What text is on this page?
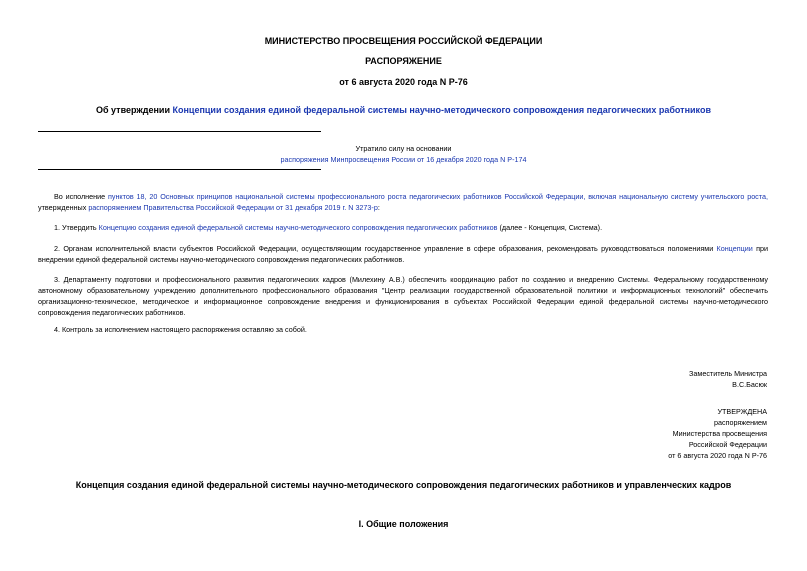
МИНИСТЕРСТВО ПРОСВЕЩЕНИЯ РОССИЙСКОЙ ФЕДЕРАЦИИ
РАСПОРЯЖЕНИЕ
от 6 августа 2020 года N Р-76
Об утверждении Концепции создания единой федеральной системы научно-методического сопровождения педагогических работников
Утратило силу на основании
распоряжения Минпросвещения России от 16 декабря 2020 года N Р-174
Во исполнение пунктов 18, 20 Основных принципов национальной системы профессионального роста педагогических работников Российской Федерации, включая национальную систему учительского роста, утвержденных распоряжением Правительства Российской Федерации от 31 декабря 2019 г. N 3273-р:
1. Утвердить Концепцию создания единой федеральной системы научно-методического сопровождения педагогических работников (далее - Концепция, Система).
2. Органам исполнительной власти субъектов Российской Федерации, осуществляющим государственное управление в сфере образования, рекомендовать руководствоваться положениями Концепции при внедрении единой федеральной системы научно-методического сопровождения педагогических работников.
3. Департаменту подготовки и профессионального развития педагогических кадров (Милехину А.В.) обеспечить координацию работ по созданию и внедрению Системы. Федеральному государственному автономному образовательному учреждению дополнительного профессионального образования "Центр реализации государственной образовательной политики и информационных технологий" обеспечить организационно-техническое, методическое и информационное сопровождение внедрения и функционирования в субъектах Российской Федерации единой федеральной системы научно-методического сопровождения педагогических работников.
4. Контроль за исполнением настоящего распоряжения оставляю за собой.
Заместитель Министра
В.С.Басюк
УТВЕРЖДЕНА
распоряжением
Министерства просвещения
Российской Федерации
от 6 августа 2020 года N Р-76
Концепция создания единой федеральной системы научно-методического сопровождения педагогических работников и управленческих кадров
I. Общие положения
